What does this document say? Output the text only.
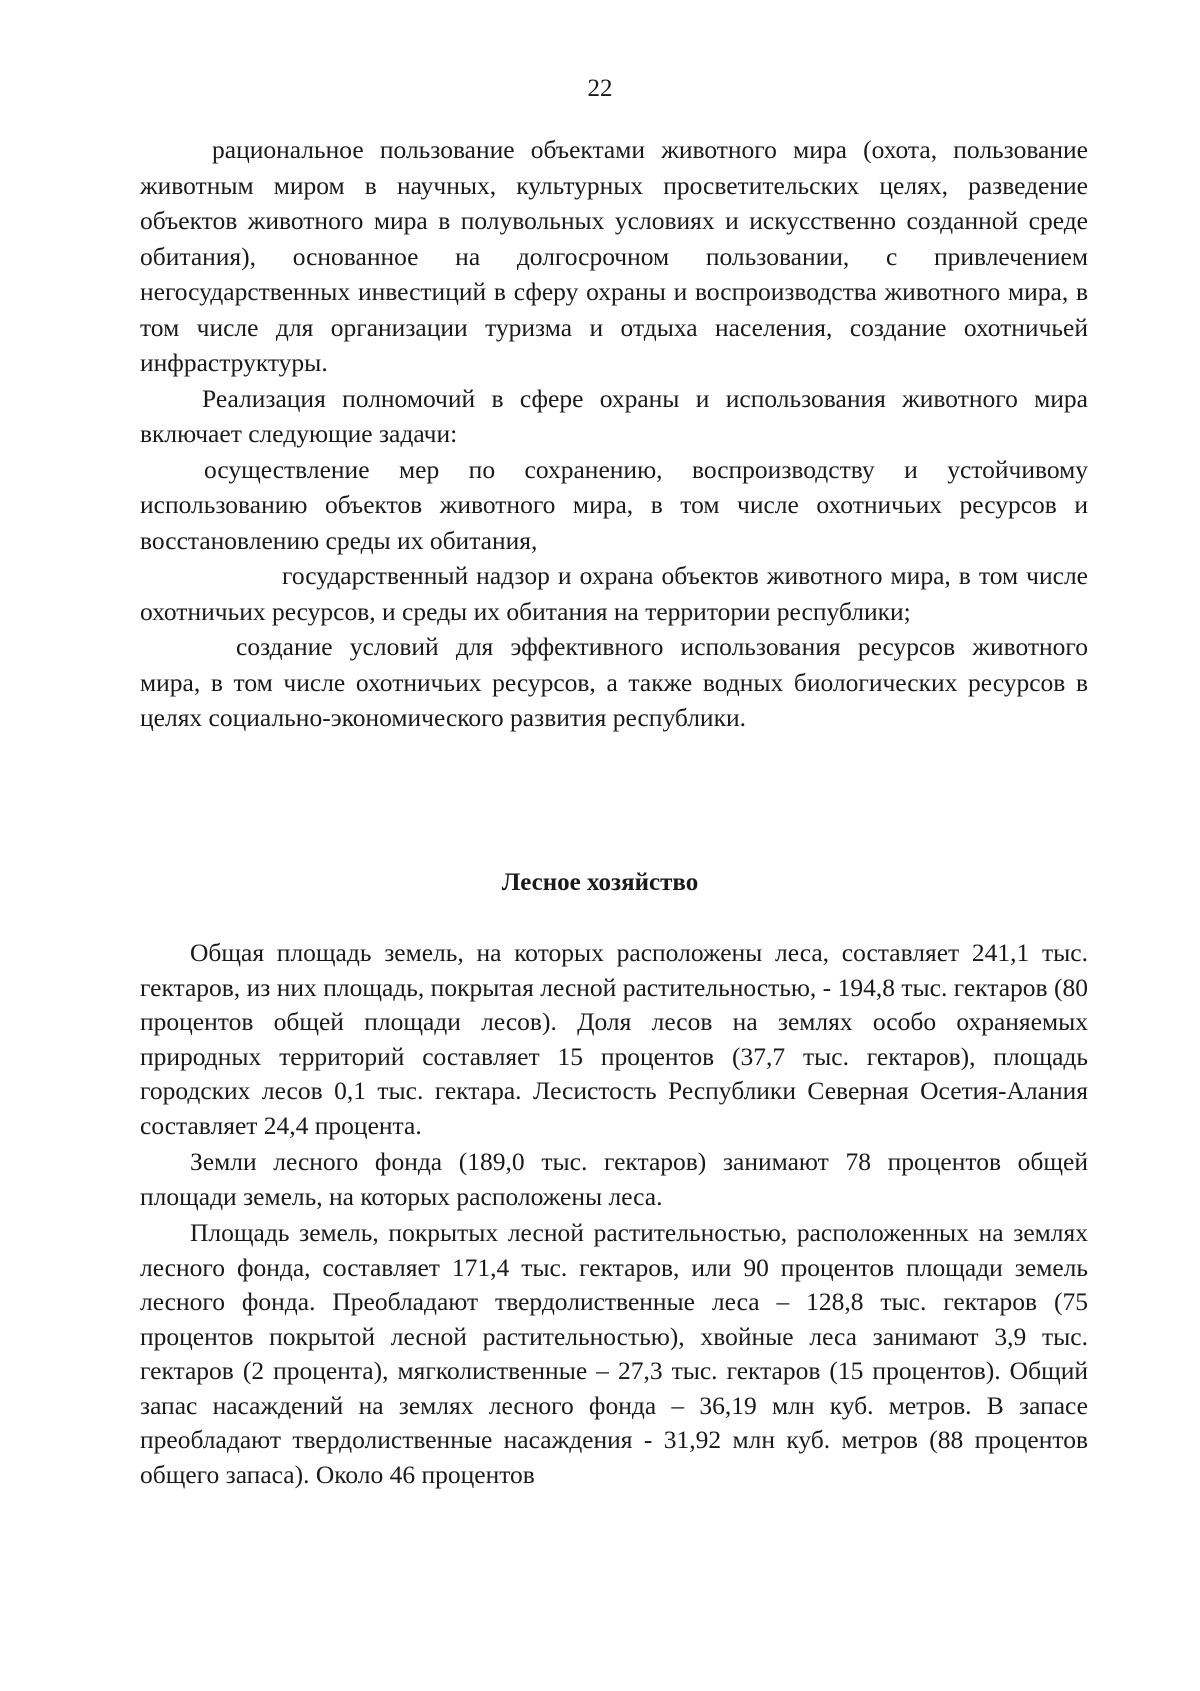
22

рациональное пользование объектами животного мира (охота, пользование животным миром в научных, культурных просветительских целях, разведение объектов животного мира в полувольных условиях и искусственно созданной среде обитания), основанное на долгосрочном пользовании, с привлечением негосударственных инвестиций в сферу охраны и воспроизводства животного мира, в том числе для организации туризма и отдыха населения, создание охотничьей инфраструктуры.

Реализация полномочий в сфере охраны и использования животного мира включает следующие задачи:

осуществление мер по сохранению, воспроизводству и устойчивому использованию объектов животного мира, в том числе охотничьих ресурсов и восстановлению среды их обитания,

государственный надзор и охрана объектов животного мира, в том числе охотничьих ресурсов, и среды их обитания на территории республики;

создание условий для эффективного использования ресурсов животного мира, в том числе охотничьих ресурсов, а также водных биологических ресурсов в целях социально-экономического развития республики.

Лесное хозяйство

Общая площадь земель, на которых расположены леса, составляет 241,1 тыс. гектаров, из них площадь, покрытая лесной растительностью, - 194,8 тыс. гектаров (80 процентов общей площади лесов). Доля лесов на землях особо охраняемых природных территорий составляет 15 процентов (37,7 тыс. гектаров), площадь городских лесов 0,1 тыс. гектара. Лесистость Республики Северная Осетия-Алания составляет 24,4 процента.

Земли лесного фонда (189,0 тыс. гектаров) занимают 78 процентов общей площади земель, на которых расположены леса.

Площадь земель, покрытых лесной растительностью, расположенных на землях лесного фонда, составляет 171,4 тыс. гектаров, или 90 процентов площади земель лесного фонда. Преобладают твердолиственные леса – 128,8 тыс. гектаров (75 процентов покрытой лесной растительностью), хвойные леса занимают 3,9 тыс. гектаров (2 процента), мягколиственные – 27,3 тыс. гектаров (15 процентов). Общий запас насаждений на землях лесного фонда – 36,19 млн куб. метров. В запасе преобладают твердолиственные насаждения - 31,92 млн куб. метров (88 процентов общего запаса). Около 46 процентов
